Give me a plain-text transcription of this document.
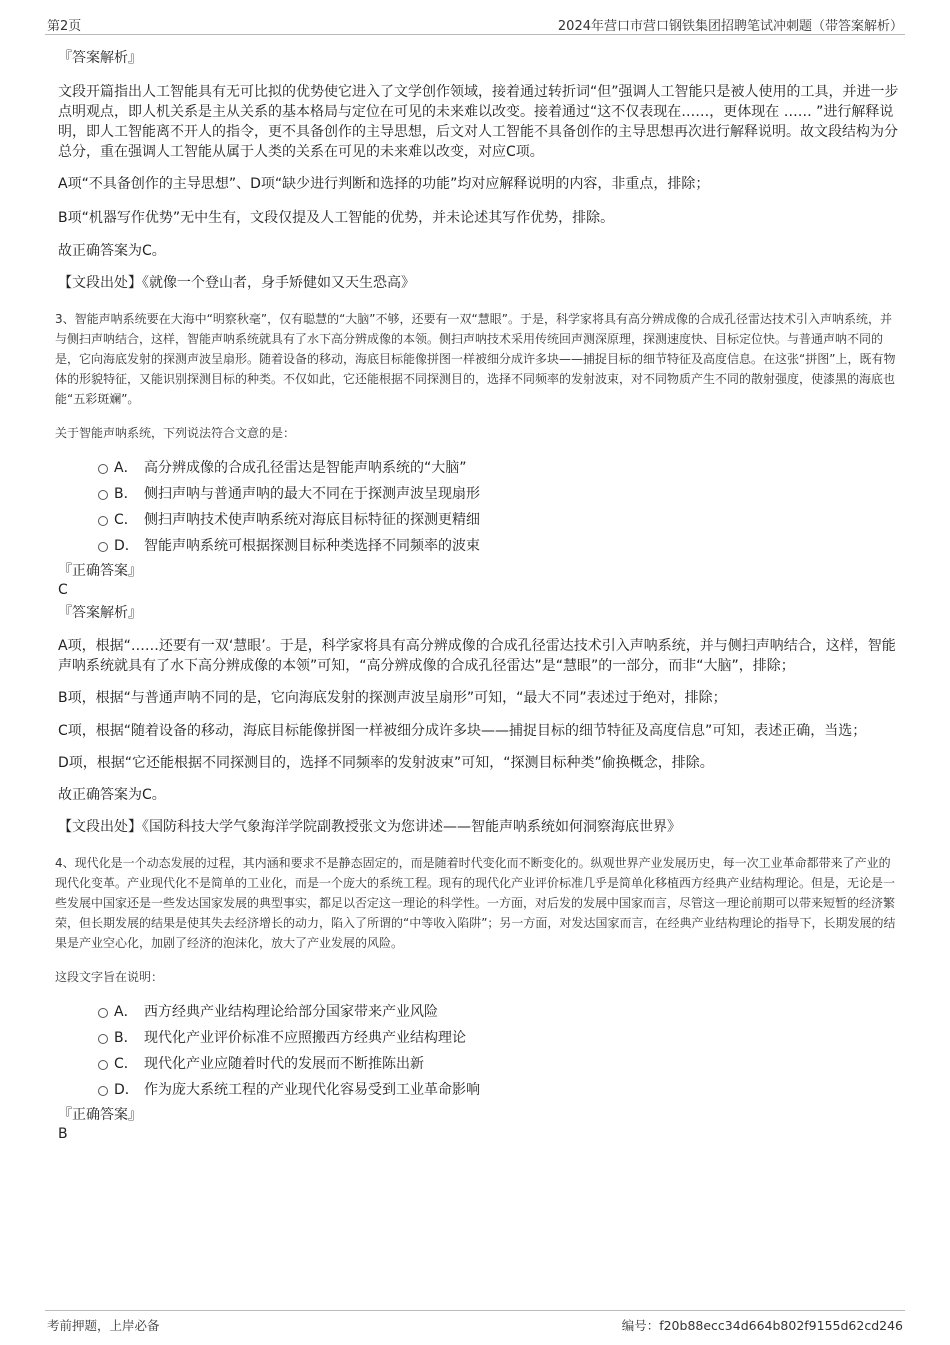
第2页	2024年营口市营口钢铁集团招聘笔试冲刺题（带答案解析）
『答案解析』
文段开篇指出人工智能具有无可比拟的优势使它进入了文学创作领域，接着通过转折词“但”强调人工智能只是被人使用的工具，并进一步点明观点，即人机关系是主从关系的基本格局与定位在可见的未来难以改变。接着通过“这不仅表现在……，更体现在 …… ”进行解释说明，即人工智能离不开人的指令，更不具备创作的主导思想，后文对人工智能不具备创作的主导思想再次进行解释说明。故文段结构为分总分，重在强调人工智能从属于人类的关系在可见的未来难以改变，对应C项。
A项“不具备创作的主导思想”、D项“缺少进行判断和选择的功能”均对应解释说明的内容，非重点，排除；
B项“机器写作优势”无中生有，文段仅提及人工智能的优势，并未论述其写作优势，排除。
故正确答案为C。
【文段出处】《就像一个登山者，身手矫健如又天生恐高》
3、智能声呐系统要在大海中“明察秋毫”，仅有聪慧的“大脑”不够，还要有一双“慧眼”。于是，科学家将具有高分辨成像的合成孔径雷达技术引入声呐系统，并与侧扫声呐结合，这样，智能声呐系统就具有了水下高分辨成像的本领。侧扫声呐技术采用传统回声测深原理，探测速度快、目标定位快。与普通声呐不同的是，它向海底发射的探测声波呈扇形。随着设备的移动，海底目标能像拼图一样被细分成许多块——捕捉目标的细节特征及高度信息。在这张“拼图”上，既有物体的形貌特征，又能识别探测目标的种类。不仅如此，它还能根据不同探测目的，选择不同频率的发射波束，对不同物质产生不同的散射强度，使漆黑的海底也能“五彩斑斓”。
关于智能声呐系统，下列说法符合文意的是：
A． 高分辨成像的合成孔径雷达是智能声呐系统的“大脑”
B． 侧扫声呐与普通声呐的最大不同在于探测声波呈现扇形
C． 侧扫声呐技术使声呐系统对海底目标特征的探测更精细
D． 智能声呐系统可根据探测目标种类选择不同频率的波束
『正确答案』
C
『答案解析』
A项，根据“……还要有一双‘慧眼’。于是，科学家将具有高分辨成像的合成孔径雷达技术引入声呐系统，并与侧扫声呐结合，这样，智能声呐系统就具有了水下高分辨成像的本领”可知，“高分辨成像的合成孔径雷达”是“慧眼”的一部分，而非“大脑”，排除；
B项，根据“与普通声呐不同的是，它向海底发射的探测声波呈扇形”可知，“最大不同”表述过于绝对，排除；
C项，根据“随着设备的移动，海底目标能像拼图一样被细分成许多块——捕捉目标的细节特征及高度信息”可知，表述正确，当选；
D项，根据“它还能根据不同探测目的，选择不同频率的发射波束”可知，“探测目标种类”偷换概念，排除。
故正确答案为C。
【文段出处】《国防科技大学气象海洋学院副教授张文为您讲述——智能声呐系统如何洞察海底世界》
4、现代化是一个动态发展的过程，其内涵和要求不是静态固定的，而是随着时代变化而不断变化的。纵观世界产业发展历史，每一次工业革命都带来了产业的现代化变革。产业现代化不是简单的工业化，而是一个庞大的系统工程。现有的现代化产业评价标准几乎是简单化移植西方经典产业结构理论。但是，无论是一些发展中国家还是一些发达国家发展的典型事实，都足以否定这一理论的科学性。一方面，对后发的发展中国家而言，尽管这一理论前期可以带来短暂的经济繁荣，但长期发展的结果是使其失去经济增长的动力，陷入了所谓的“中等收入陷阱”；另一方面，对发达国家而言，在经典产业结构理论的指导下，长期发展的结果是产业空心化，加剧了经济的泡沫化，放大了产业发展的风险。
这段文字旨在说明：
A． 西方经典产业结构理论给部分国家带来产业风险
B． 现代化产业评价标准不应照搬西方经典产业结构理论
C． 现代化产业应随着时代的发展而不断推陈出新
D． 作为庞大系统工程的产业现代化容易受到工业革命影响
『正确答案』
B
考前押题，上岸必备	编号：f20b88ecc34d664b802f9155d62cd246
